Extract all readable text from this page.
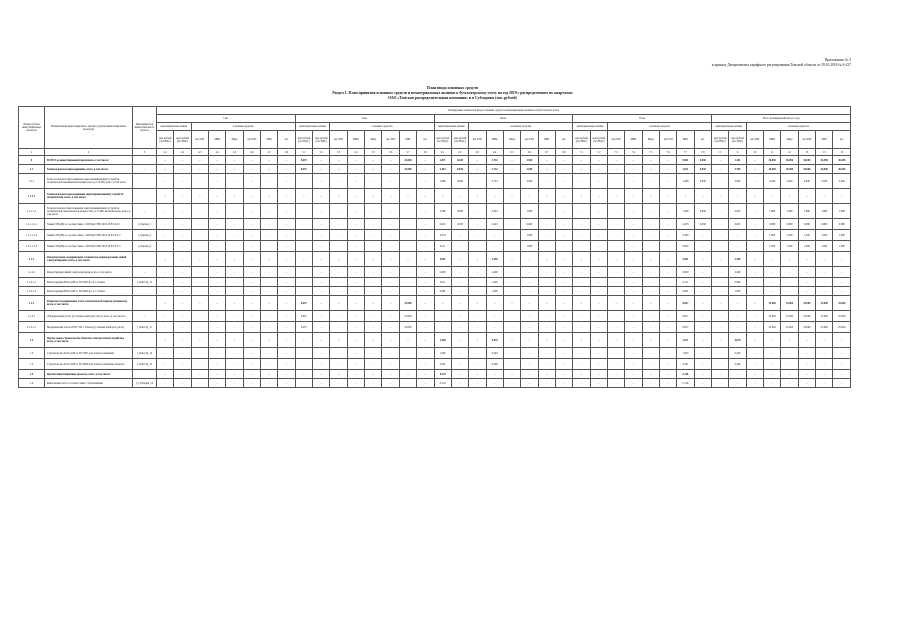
Приложение № 5
к приказу Департамента тарифного регулирования Томской области от 29.10.2018 № 6-227
План ввода основных средств
Раздел 1. План принятия основных средств и нематериальных активов к бухгалтерскому учету на год 2019 с распределением по кварталам
ОАО «Томская распределительная компания» и в Субсидиям (тыс.рублей)
Номер группы инвестиционных проектов	Наименование инвестиционного проекта (группы инвестиционных проектов)	Идентификатор инвестиционного проекта	Планируемые показатели ввода основных средств и нематериальных активов в бухгалтерском учете																																							
			I кв.								II кв.								III кв.								IV кв.								Итого (планируемый ввод за год)							
			нематериальные активы		основные средства						нематериальные активы		основные средства						нематериальные активы		основные средства						нематериальные активы		основные средства						нематериальные активы		основные средства					
			млн рублей (без НДС)	млн рублей (без НДС)	км ЛЭП	МВА	Мвар	км ЛЭП	МВт	шт.	млн рублей (без НДС)	млн рублей (без НДС)	км ЛЭП	МВА	Мвар	км ЛЭП	МВт	шт.	млн рублей (без НДС)	млн рублей (без НДС)	км ЛЭП	МВА	Мвар	км ЛЭП	МВт	шт.	млн рублей (без НДС)	млн рублей (без НДС)	км ЛЭП	МВА	Мвар	км ЛЭП	МВт	шт.	млн рублей (без НДС)	млн рублей (без НДС)	км ЛЭП	МВА	Мвар	км ЛЭП	МВт	шт.
1	2	3	4.1	4.2	4.3	4.4	4.5	4.6	4.7	4.8	5.1	5.2	5.3	5.4	5.5	5.6	5.7	5.8	6.1	6.2	6.3	6.4	6.5	6.6	6.7	6.8	7.1	7.2	7.3	7.4	7.5	7.6	7.7	7.8	8	9	10	11	12	13	13	13
0	ВСЕГО по инвестиционной программе, в том числе:		–	–	–	–	–	–	–	–	8,657	–	–	–	–	–	25,000	–	2,871	0,638	–	3,742	–	2,940	–	–	–	–	–	–	–	–	8,901	0,638	–	1,361	–	36,096	36,096	36,096	36,096	36,096
1.1	Технологическое присоединение, всего, в том числе:	–	–	–	–	–	–	–	–	–	8,657	–	–	–	–	–	25,000	–	2,564	0,638	–	3,742	–	2,940	–	–	–	–	–	–	–	–	2,021	0,638	–	3,785	–	36,096	36,096	36,096	36,096	36,096
1.1.1	Технологическое присоединение энергопринимающих устройств потребителей максимальной мощностью до 150 кВт, всего, в том числе		–	–	–	–	–	–	–	–	–	–	–	–	–	–	–	–	2,486	0,638	–	3,742	–	2,940	–	–	–	–	–	–	–	–	1,488	0,638	–	3,082	–	2,940	2,940	2,940	2,940	2,940
1.1.1.1	Технологическое присоединение энергопринимающих устройств потребителей, всего, в том числе:		–	–	–	–	–	–	–	–	–	–	–	–	–	–	–	–	–	–	–	–	–	–	–	–	–	–	–	–	–	–	–	–	–	–	–	–	–	–	–	–
1.1.1.1.1	Технологическое присоединение энергопринимающих устройств потребителей, максимальной мощностью до 15 кВт включительно, всего, в том числе	–	–	–	–	–	–	–	–	–	–	–	–	–	–	–	–	–	2,386	0,638	–	0,642	–	1,900	–	–	–	–	–	–	–	–	1,399	0,638	–	0,632	–	1,880	1,880	1,880	1,880	1,880
1.1.1.1.1.1	Заявки ЭП (кВ) по соответствию с ОИ ОАО ТРК 2018-20 ЕЗ Лот 1	I_Оцелия_1	–	–	–	–	–	–	–	–	–	–	–	–	–	–	–	–	0,432	0,638	–	0,243	–	0,640	–	–	–	–	–	–	–	–	0,433	0,638	–	0,632	–	0,880	0,880	0,880	0,880	0,880
1.1.1.1.1.2	Заявки ЭП (кВ) по соответствию с ОИ ОАО ТРК 2018-20 ЕЗ Лот 2	I_Оцелия_2	–	–	–	–	–	–	–	–	–	–	–	–	–	–	–	–	0,518	–	–	–	–	1,000	–	–	–	–	–	–	–	–	0,360	–	–	–	–	1,000	1,000	1,000	1,000	1,000
1.1.1.1.1.3	Заявки ЭП (кВ) по соответствию с ОИ ОАО ТРК 2018-20 ЕЗ Лот 3	I_Оцелия_3	–	–	–	–	–	–	–	–	–	–	–	–	–	–	–	–	0,111	–	–	–	–	1,000	–	–	–	–	–	–	–	–	0,000	–	–	–	–	1,000	1,000	1,000	1,000	1,000
1.1.2	Реконструкция, модернизация, техническое перевооружение линий электропередачи, всего, в том числе:		–	–	–	–	–	–	–	–	–	–	–	–	–	–	–	–	0,991	–	–	2,490	–	–	–	–	–	–	–	–	–	–	0,991	–	–	2,490	–	–	–	–	–	–
1.1.2.1	Реконструкция линий электропередачи, всего, в том числе:	–	–	–	–	–	–	–	–	–	–	–	–	–	–	–	–	–	0,000	–	–	2,490	–	–	–	–	–	–	–	–	–	–	0,000	–	–	2,490	–	–	–	–	–	–
1.1.2.1.1	Реконструкция ВЛ-0,4 кВ от ТП 0505 ф.2 в г. Томске	I_ОАО-Тр_12	–	–	–	–	–	–	–	–	–	–	–	–	–	–	–	–	0,111	–	–	1,490	–	–	–	–	–	–	–	–	–	–	0,111	–	–	0,660	–	–	–	–	–	–
1.1.2.1.2	Реконструкция ВЛ-0,4 кВ от ТП 0640 ф.1 в г. Томске		–	–	–	–	–	–	–	–	–	–	–	–	–	–	–	–	0,881	–	–	1,000	–	–	–	–	–	–	–	–	–	–	0,881	–	–	1,830	–	–	–	–	–	–
1.1.3	Развитие и модернизация учета электрической энергии (мощности), всего, в том числе:		–	–	–	–	–	–	–	–	8,657	–	–	–	–	–	25,000	–	–	–	–	–	–	–	–	–	–	–	–	–	–	–	8,657	–	–	–	–	25,000	25,000	25,000	25,000	25,000
1.1.3.1	«Модернизация учета (установка приборов учета), всего, в том числе:»	–	–	–	–	–	–	–	–	–	8,657	–	–	–	–	–	25,000	–	–	–	–	–	–	–	–	–	–	–	–	–	–	–	8,657	–	–	–	–	25,000	25,000	25,000	25,000	25,000
1.1.3.1.1	Модернизация учета в РТП, ТП г. Томска (установка приборов учета)	I_ОАО-Тр_11	–	–	–	–	–	–	–	–	8,657	–	–	–	–	–	25,000	–	–	–	–	–	–	–	–	–	–	–	–	–	–	–	8,657	–	–	–	–	25,000	25,000	25,000	25,000	25,000
1.2	Прочее новое строительство объектов электросетевого хозяйства, всего, в том числе:		–	–	–	–	–	–	–	–	–	–	–	–	–	–	–	–	2,568	–	–	0,670	–	–	–	–	–	–	–	–	–	–	2,571	–	–	0,670	–	–	–	–	–	–
1.3	Строительство КЛ-0,4 кВ от ТП 0505 для электроснабжения	I_ОАО-Тр_14	–	–	–	–	–	–	–	–	–	–	–	–	–	–	–	–	1,000	–	–	0,263	–	–	–	–	–	–	–	–	–	–	1,000	–	–	0,263	–	–	–	–	–	–
1.4	Строительство КЛ-0,4 кВ от ТП 0640 для электроснабжения объектов	I_ОАО-Тр_15	–	–	–	–	–	–	–	–	–	–	–	–	–	–	–	–	0,261	–	–	0,406	–	–	–	–	–	–	–	–	–	–	0,261	–	–	0,406	–	–	–	–	–	–
1.5	Прочие инвестиционные проекты, всего, в том числе:		–	–	–	–	–	–	–	–	–	–	–	–	–	–	–	–	0,118	–	–	–	–	–	–	–	–	–	–	–	–	–	0,118	–	–	–	–	–	–	–	–	–
1.6	Выполнение работ в соответствии с требованиями	I_Субсидия_14	–	–	–	–	–	–	–	–	–	–	–	–	–	–	–	–	0,118	–	–	–	–	–	–	–	–	–	–	–	–	–	0,118	–	–	–	–	–	–	–	–	–
